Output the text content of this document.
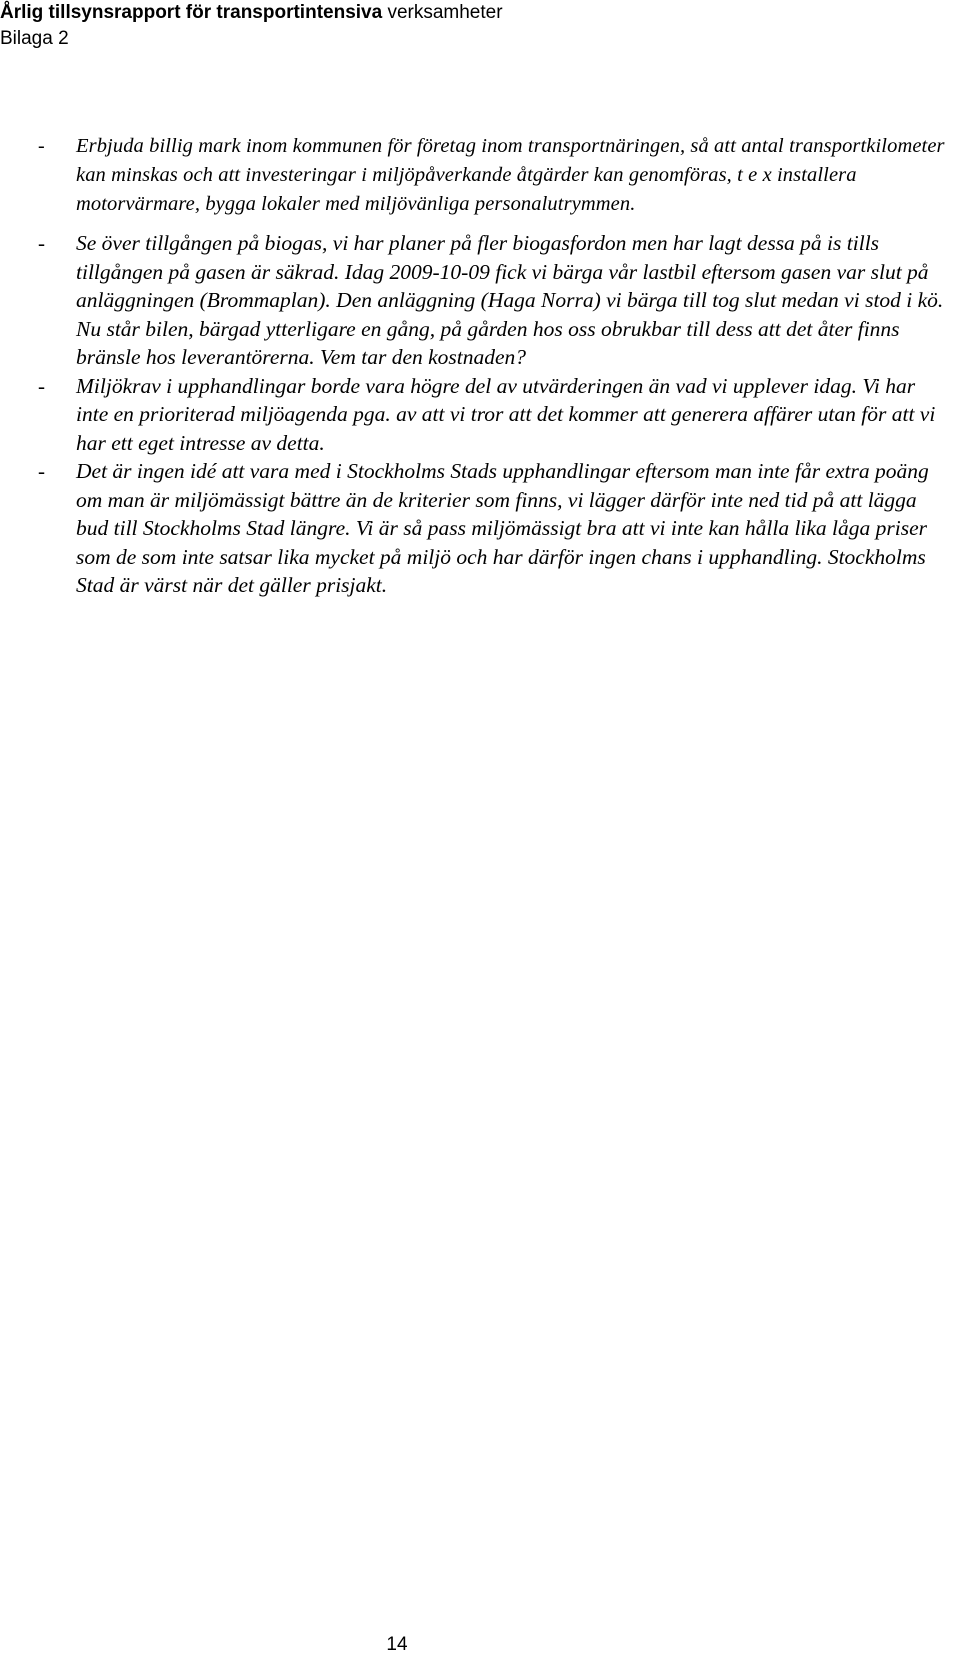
Årlig tillsynsrapport för transportintensiva verksamheter
Bilaga 2
- Erbjuda billig mark inom kommunen för företag inom transportnäringen, så att antal transportkilometer kan minskas och att investeringar i miljöpåverkande åtgärder kan genomföras, t e x installera motorvärmare, bygga lokaler med miljövänliga personalutrymmen.
- Se över tillgången på biogas, vi har planer på fler biogasfordon men har lagt dessa på is tills tillgången på gasen är säkrad. Idag 2009-10-09 fick vi bärga vår lastbil eftersom gasen var slut på anläggningen (Brommaplan). Den anläggning (Haga Norra) vi bärga till tog slut medan vi stod i kö. Nu står bilen, bärgad ytterligare en gång, på gården hos oss obrukbar till dess att det åter finns bränsle hos leverantörerna. Vem tar den kostnaden?
- Miljökrav i upphandlingar borde vara högre del av utvärderingen än vad vi upplever idag. Vi har inte en prioriterad miljöagenda pga. av att vi tror att det kommer att generera affärer utan för att vi har ett eget intresse av detta.
- Det är ingen idé att vara med i Stockholms Stads upphandlingar eftersom man inte får extra poäng om man är miljömässigt bättre än de kriterier som finns, vi lägger därför inte ned tid på att lägga bud till Stockholms Stad längre. Vi är så pass miljömässigt bra att vi inte kan hålla lika låga priser som de som inte satsar lika mycket på miljö och har därför ingen chans i upphandling. Stockholms Stad är värst när det gäller prisjakt.
14
